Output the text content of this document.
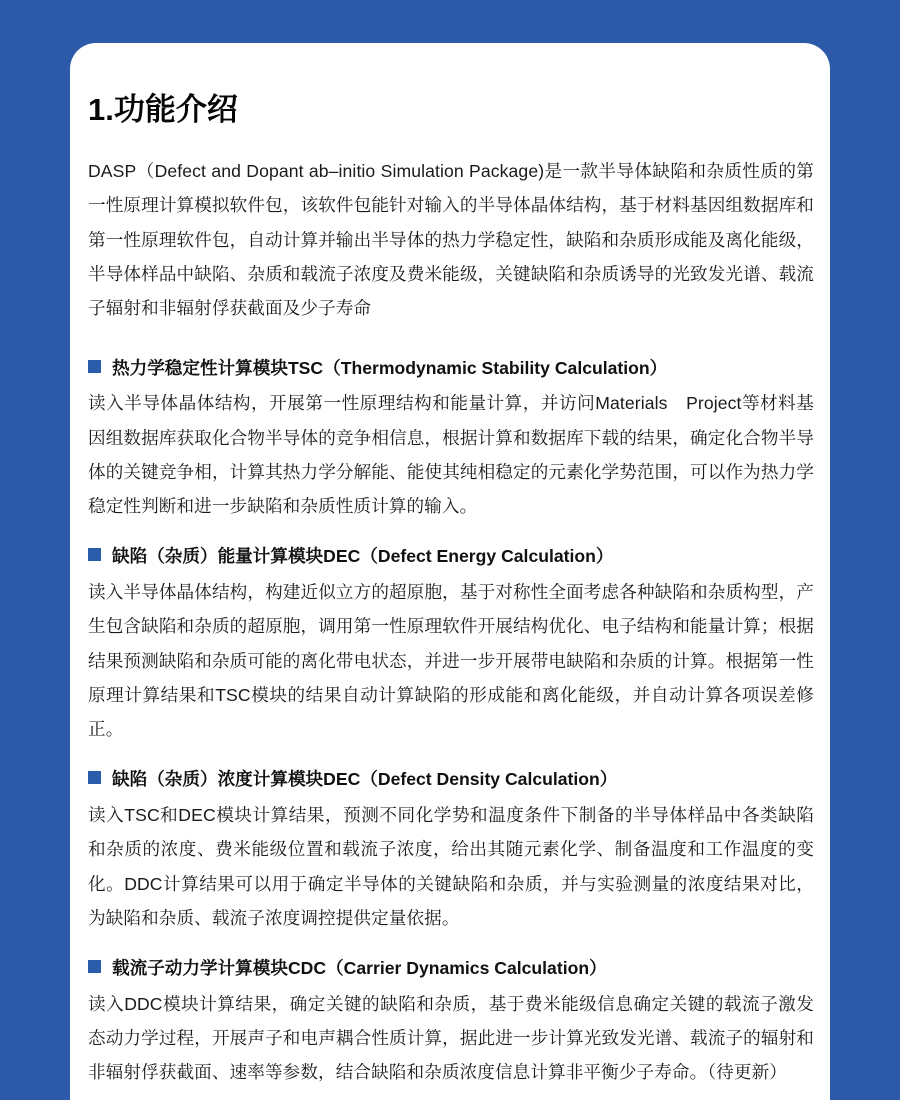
1.功能介绍

DASP（Defect and Dopant ab–initio Simulation Package)是一款半导体缺陷和杂质性质的第一性原理计算模拟软件包，该软件包能针对输入的半导体晶体结构，基于材料基因组数据库和第一性原理软件包，自动计算并输出半导体的热力学稳定性，缺陷和杂质形成能及离化能级，半导体样品中缺陷、杂质和载流子浓度及费米能级，关键缺陷和杂质诱导的光致发光谱、载流子辐射和非辐射俘获截面及少子寿命

热力学稳定性计算模块TSC（Thermodynamic Stability Calculation）

读入半导体晶体结构，开展第一性原理结构和能量计算，并访问Materials　Project等材料基因组数据库获取化合物半导体的竞争相信息，根据计算和数据库下载的结果，确定化合物半导体的关键竞争相，计算其热力学分解能、能使其纯相稳定的元素化学势范围，可以作为热力学稳定性判断和进一步缺陷和杂质性质计算的输入。

缺陷（杂质）能量计算模块DEC（Defect Energy Calculation）

读入半导体晶体结构，构建近似立方的超原胞，基于对称性全面考虑各种缺陷和杂质构型，产生包含缺陷和杂质的超原胞，调用第一性原理软件开展结构优化、电子结构和能量计算；根据结果预测缺陷和杂质可能的离化带电状态，并进一步开展带电缺陷和杂质的计算。根据第一性原理计算结果和TSC模块的结果自动计算缺陷的形成能和离化能级，并自动计算各项误差修正。

缺陷（杂质）浓度计算模块DEC（Defect Density Calculation）

读入TSC和DEC模块计算结果，预测不同化学势和温度条件下制备的半导体样品中各类缺陷和杂质的浓度、费米能级位置和载流子浓度，给出其随元素化学、制备温度和工作温度的变化。DDC计算结果可以用于确定半导体的关键缺陷和杂质，并与实验测量的浓度结果对比，为缺陷和杂质、载流子浓度调控提供定量依据。

载流子动力学计算模块CDC（Carrier Dynamics Calculation）

读入DDC模块计算结果，确定关键的缺陷和杂质，基于费米能级信息确定关键的载流子激发态动力学过程，开展声子和电声耦合性质计算，据此进一步计算光致发光谱、载流子的辐射和非辐射俘获截面、速率等参数，结合缺陷和杂质浓度信息计算非平衡少子寿命。（待更新）
